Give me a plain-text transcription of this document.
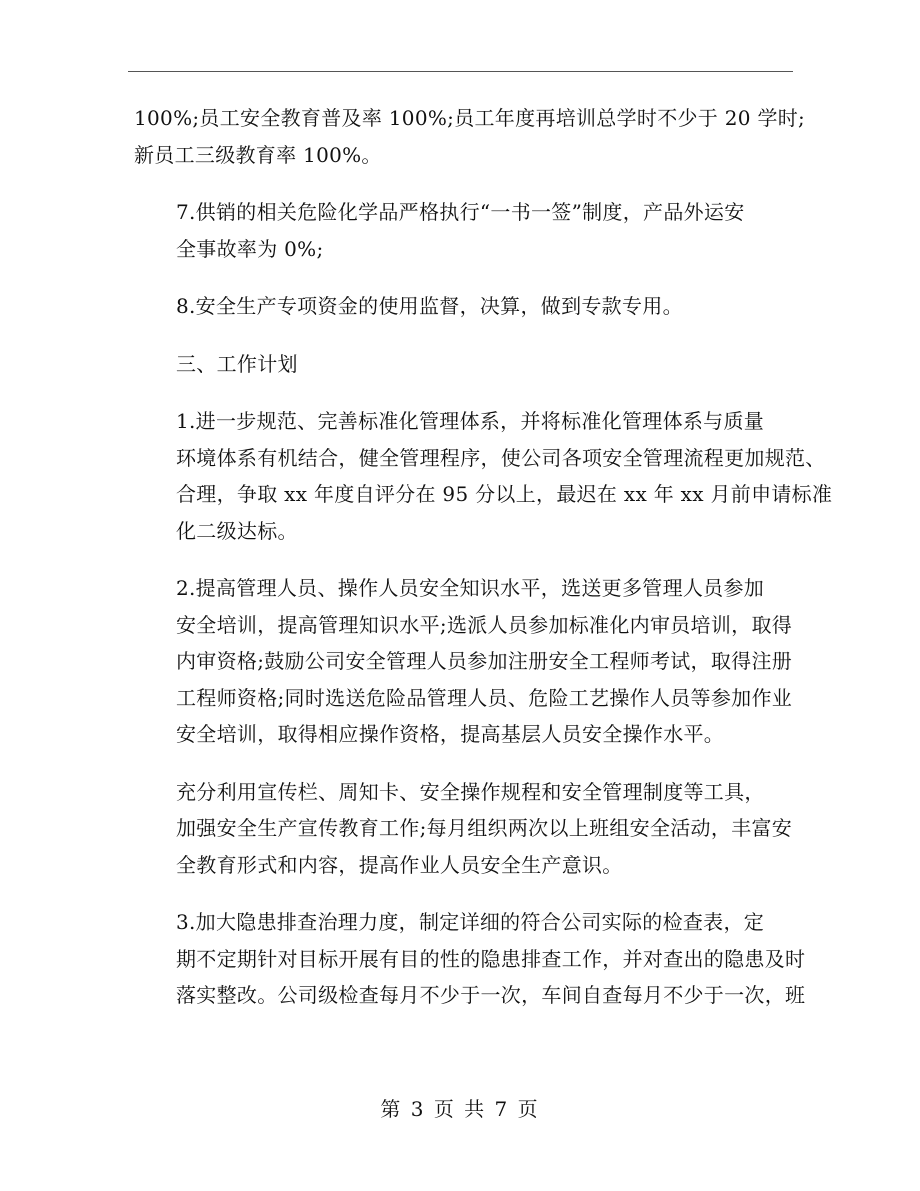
100%;员工安全教育普及率 100%;员工年度再培训总学时不少于 20 学时;
新员工三级教育率 100%。

7.供销的相关危险化学品严格执行“一书一签”制度，产品外运安
全事故率为 0%;

8.安全生产专项资金的使用监督，决算，做到专款专用。

三、工作计划

1.进一步规范、完善标准化管理体系，并将标准化管理体系与质量
环境体系有机结合，健全管理程序，使公司各项安全管理流程更加规范、
合理，争取 xx 年度自评分在 95 分以上，最迟在 xx 年 xx 月前申请标准
化二级达标。

2.提高管理人员、操作人员安全知识水平，选送更多管理人员参加
安全培训，提高管理知识水平;选派人员参加标准化内审员培训，取得
内审资格;鼓励公司安全管理人员参加注册安全工程师考试，取得注册
工程师资格;同时选送危险品管理人员、危险工艺操作人员等参加作业
安全培训，取得相应操作资格，提高基层人员安全操作水平。

充分利用宣传栏、周知卡、安全操作规程和安全管理制度等工具，
加强安全生产宣传教育工作;每月组织两次以上班组安全活动，丰富安
全教育形式和内容，提高作业人员安全生产意识。

3.加大隐患排查治理力度，制定详细的符合公司实际的检查表，定
期不定期针对目标开展有目的性的隐患排查工作，并对查出的隐患及时
落实整改。公司级检查每月不少于一次，车间自查每月不少于一次，班

第 3 页 共 7 页
